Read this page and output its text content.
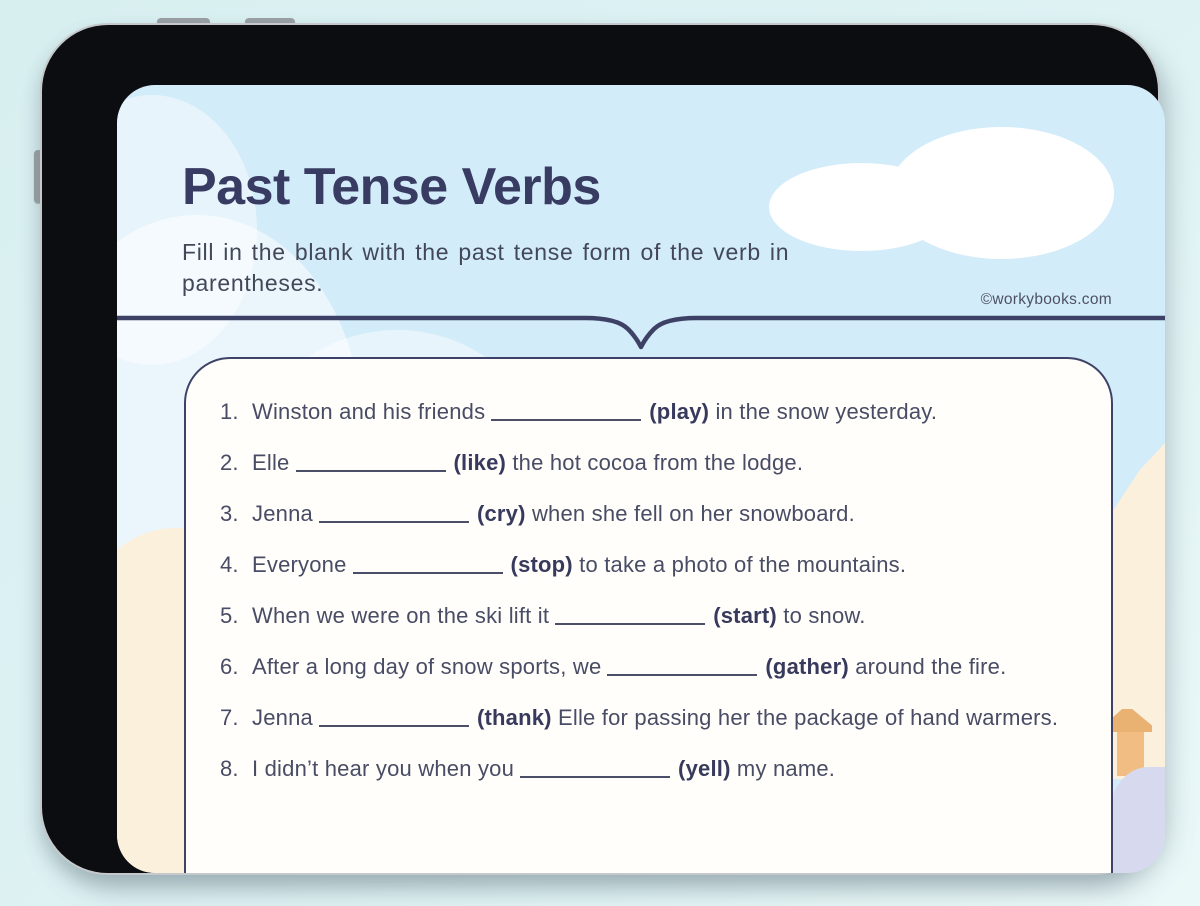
Past Tense Verbs
Fill in the blank with the past tense form of the verb in parentheses.
©workybooks.com
1. Winston and his friends	(play) in the snow yesterday.
2. Elle	(like) the hot cocoa from the lodge.
3. Jenna	(cry) when she fell on her snowboard.
4. Everyone	(stop) to take a photo of the mountains.
5. When we were on the ski lift it	(start) to snow.
6. After a long day of snow sports, we	(gather) around the fire.
7. Jenna	(thank) Elle for passing her the package of hand warmers.
8. I didn’t hear you when you	(yell) my name.
